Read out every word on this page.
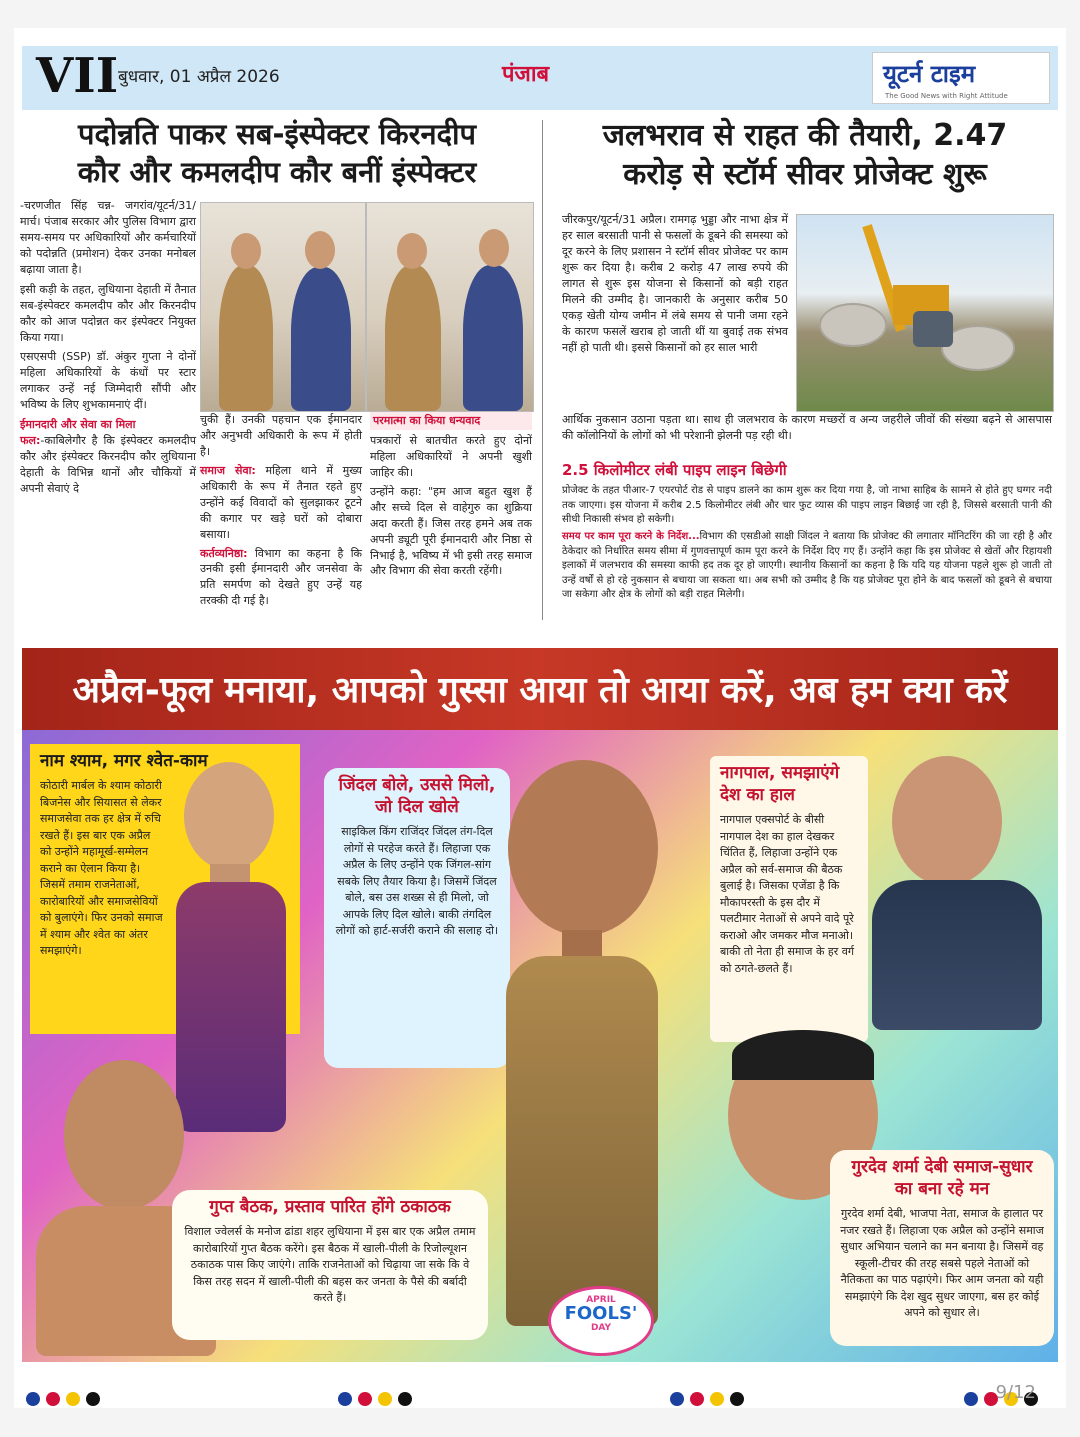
VII बुधवार, 01 अप्रैल 2026	पंजाब	यूटर्न टाइम
The Good News with Right Attitude
पदोन्नति पाकर सब-इंस्पेक्टर किरनदीप
कौर और कमलदीप कौर बनीं इंस्पेक्टर

-चरणजीत सिंह चन्न- जगरांव/यूटर्न/31/मार्च। पंजाब सरकार और पुलिस विभाग द्वारा समय-समय पर अधिकारियों और कर्मचारियों को पदोन्नति (प्रमोशन) देकर उनका मनोबल बढ़ाया जाता है।

इसी कड़ी के तहत, लुधियाना देहाती में तैनात सब-इंस्पेक्टर कमलदीप कौर और किरनदीप कौर को आज पदोन्नत कर इंस्पेक्टर नियुक्त किया गया।

एसएसपी (SSP) डॉ. अंकुर गुप्ता ने दोनों महिला अधिकारियों के कंधों पर स्टार लगाकर उन्हें नई जिम्मेदारी सौंपी और भविष्य के लिए शुभकामनाएं दीं।

ईमानदारी और सेवा का मिला

फल:-काबिलेगौर है कि इंस्पेक्टर कमलदीप कौर और इंस्पेक्टर किरनदीप कौर लुधियाना देहाती के विभिन्न थानों और चौकियों में अपनी सेवाएं दे

चुकी हैं। उनकी पहचान एक ईमानदार और अनुभवी अधिकारी के रूप में होती है।

समाज सेवा: महिला थाने में मुख्य अधिकारी के रूप में तैनात रहते हुए उन्होंने कई विवादों को सुलझाकर टूटने की कगार पर खड़े घरों को दोबारा बसाया।

कर्तव्यनिष्ठा: विभाग का कहना है कि उनकी इसी ईमानदारी और जनसेवा के प्रति समर्पण को देखते हुए उन्हें यह तरक्की दी गई है।

परमात्मा का किया धन्यवाद

पत्रकारों से बातचीत करते हुए दोनों महिला अधिकारियों ने अपनी खुशी जाहिर की।

उन्होंने कहा: "हम आज बहुत खुश हैं और सच्चे दिल से वाहेगुरु का शुक्रिया अदा करती हैं। जिस तरह हमने अब तक अपनी ड्यूटी पूरी ईमानदारी और निष्ठा से निभाई है, भविष्य में भी इसी तरह समाज और विभाग की सेवा करती रहेंगी।

जलभराव से राहत की तैयारी, 2.47
करोड़ से स्टॉर्म सीवर प्रोजेक्ट शुरू
जीरकपुर/यूटर्न/31 अप्रैल। रामगढ़ भुड्डा और नाभा क्षेत्र में हर साल बरसाती पानी से फसलों के डूबने की समस्या को दूर करने के लिए प्रशासन ने स्टॉर्म सीवर प्रोजेक्ट पर काम शुरू कर दिया है। करीब 2 करोड़ 47 लाख रुपये की लागत से शुरू इस योजना से किसानों को बड़ी राहत मिलने की उम्मीद है। जानकारी के अनुसार करीब 50 एकड़ खेती योग्य जमीन में लंबे समय से पानी जमा रहने के कारण फसलें खराब हो जाती थीं या बुवाई तक संभव नहीं हो पाती थी। इससे किसानों को हर साल भारी
आर्थिक नुकसान उठाना पड़ता था। साथ ही जलभराव के कारण मच्छरों व अन्य जहरीले जीवों की संख्या बढ़ने से आसपास की कॉलोनियों के लोगों को भी परेशानी झेलनी पड़ रही थी।
2.5 किलोमीटर लंबी पाइप लाइन बिछेगी
प्रोजेक्ट के तहत पीआर-7 एयरपोर्ट रोड से पाइप डालने का काम शुरू कर दिया गया है, जो नाभा साहिब के सामने से होते हुए घग्गर नदी तक जाएगा। इस योजना में करीब 2.5 किलोमीटर लंबी और चार फुट व्यास की पाइप लाइन बिछाई जा रही है, जिससे बरसाती पानी की सीधी निकासी संभव हो सकेगी।
समय पर काम पूरा करने के निर्देश...विभाग की एसडीओ साक्षी जिंदल ने बताया कि प्रोजेक्ट की लगातार मॉनिटरिंग की जा रही है और ठेकेदार को निर्धारित समय सीमा में गुणवत्तापूर्ण काम पूरा करने के निर्देश दिए गए हैं। उन्होंने कहा कि इस प्रोजेक्ट से खेतों और रिहायशी इलाकों में जलभराव की समस्या काफी हद तक दूर हो जाएगी। स्थानीय किसानों का कहना है कि यदि यह योजना पहले शुरू हो जाती तो उन्हें वर्षों से हो रहे नुकसान से बचाया जा सकता था। अब सभी को उम्मीद है कि यह प्रोजेक्ट पूरा होने के बाद फसलों को डूबने से बचाया जा सकेगा और क्षेत्र के लोगों को बड़ी राहत मिलेगी।
अप्रैल-फूल मनाया, आपको गुस्सा आया तो आया करें, अब हम क्या करें
नाम श्याम, मगर श्वेत-काम

कोठारी मार्बल के श्याम कोठारी बिजनेस और सियासत से लेकर समाजसेवा तक हर क्षेत्र में रुचि रखते हैं। इस बार एक अप्रैल को उन्होंने महामूर्ख-सम्मेलन कराने का ऐलान किया है। जिसमें तमाम राजनेताओं, कारोबारियों और समाजसेवियों को बुलाएंगे। फिर उनको समाज में श्याम और श्वेत का अंतर समझाएंगे।

जिंदल बोले, उससे मिलो, जो दिल खोले

साइकिल किंग राजिंदर जिंदल तंग-दिल लोगों से परहेज करते हैं। लिहाजा एक अप्रैल के लिए उन्होंने एक जिंगल-सांग सबके लिए तैयार किया है। जिसमें जिंदल बोले, बस उस शख्स से ही मिलो, जो आपके लिए दिल खोले। बाकी तंगदिल लोगों को हार्ट-सर्जरी कराने की सलाह दो।

नागपाल, समझाएंगे देश का हाल

नागपाल एक्सपोर्ट के बीसी नागपाल देश का हाल देखकर चिंतित हैं, लिहाजा उन्होंने एक अप्रैल को सर्व-समाज की बैठक बुलाई है। जिसका एजेंडा है कि मौकापरस्ती के इस दौर में पलटीमार नेताओं से अपने वादे पूरे कराओ और जमकर मौज मनाओ। बाकी तो नेता ही समाज के हर वर्ग को ठगते-छलते हैं।

गुप्त बैठक, प्रस्ताव पारित होंगे ठकाठक

विशाल ज्वेलर्स के मनोज ढांडा शहर लुधियाना में इस बार एक अप्रैल तमाम कारोबारियों गुप्त बैठक करेंगे। इस बैठक में खाली-पीली के रिजोल्यूशन ठकाठक पास किए जाएंगे। ताकि राजनेताओं को चिढ़ाया जा सके कि वे किस तरह सदन में खाली-पीली की बहस कर जनता के पैसे की बर्बादी करते हैं।	APRIL
FOOLS'
DAY
गुरदेव शर्मा देबी समाज-सुधार का बना रहे मन

गुरदेव शर्मा देबी, भाजपा नेता, समाज के हालात पर नजर रखते हैं। लिहाजा एक अप्रैल को उन्होंने समाज सुधार अभियान चलाने का मन बनाया है। जिसमें वह स्कूली-टीचर की तरह सबसे पहले नेताओं को नैतिकता का पाठ पढ़ाएंगे। फिर आम जनता को यही समझाएंगे कि देश खुद सुधर जाएगा, बस हर कोई अपने को सुधार ले।

9/12
